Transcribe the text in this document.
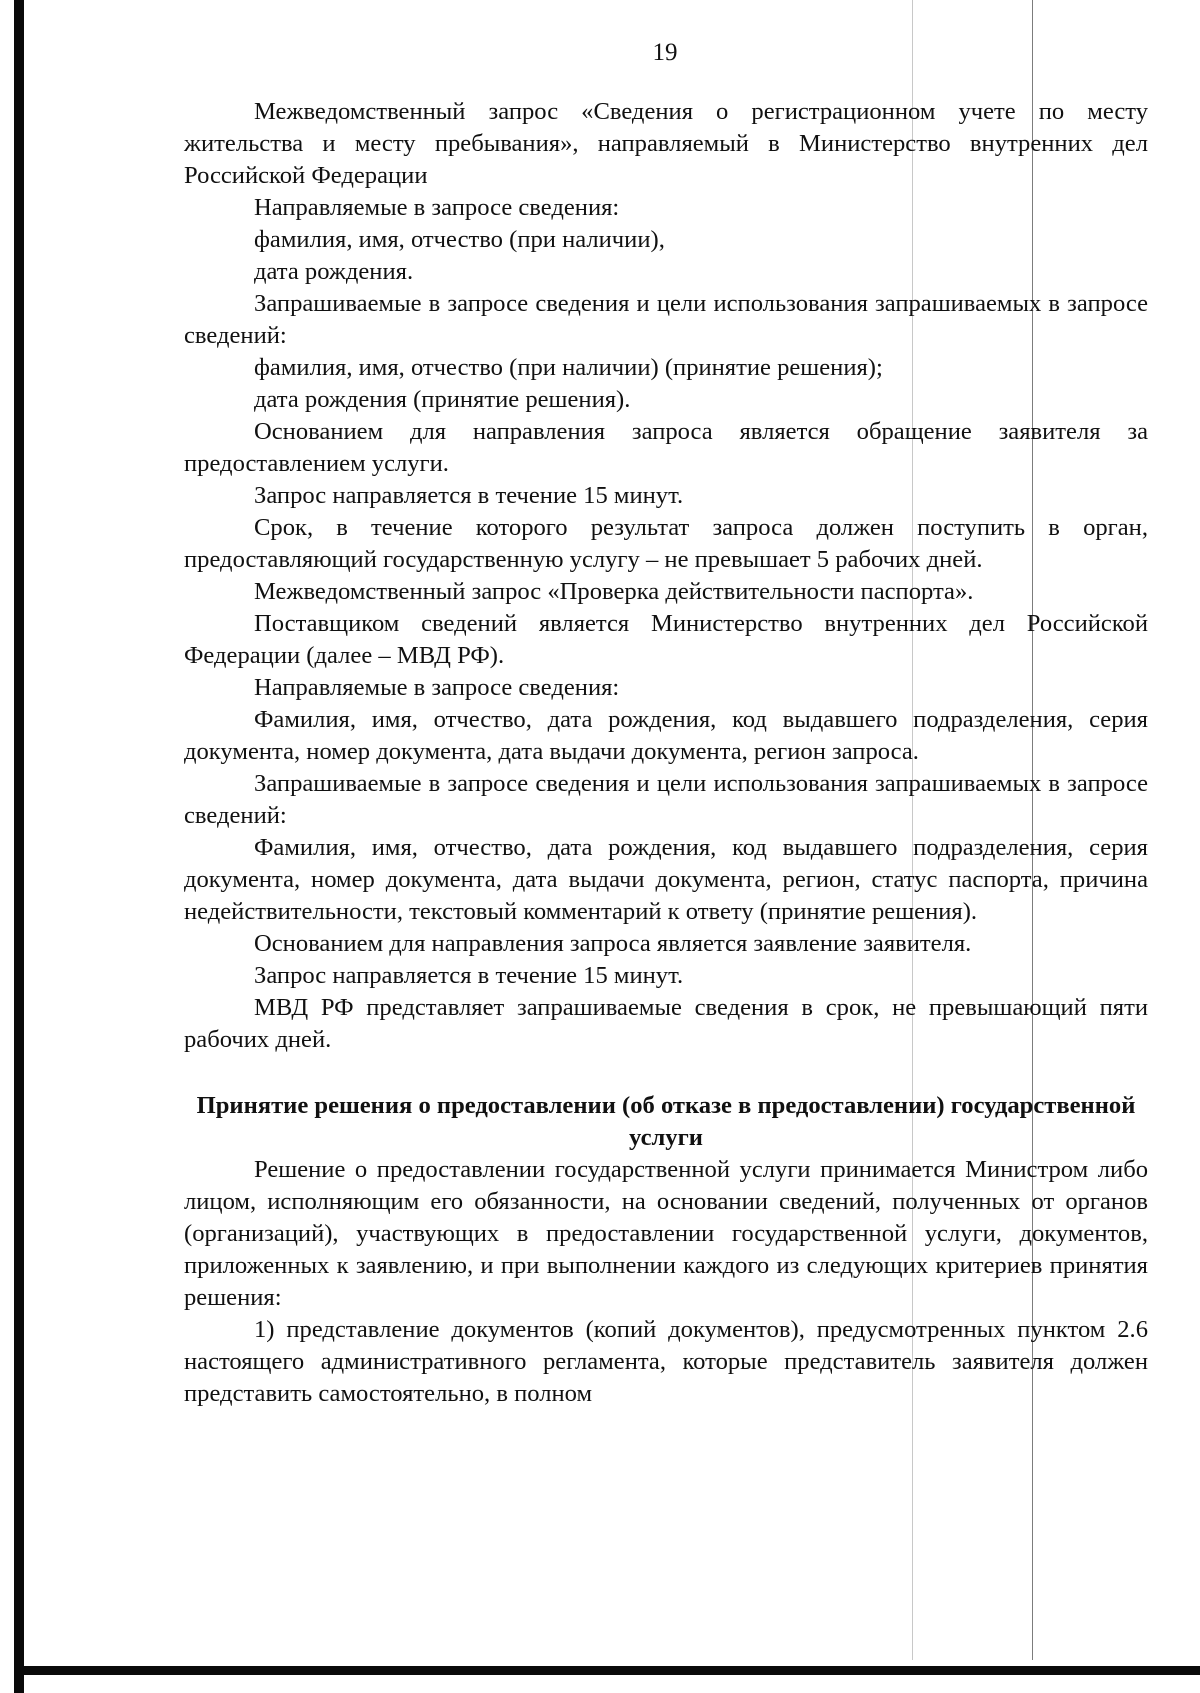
19

Межведомственный запрос «Сведения о регистрационном учете по месту жительства и месту пребывания», направляемый в Министерство внутренних дел Российской Федерации

Направляемые в запросе сведения:

фамилия, имя, отчество (при наличии),

дата рождения.

Запрашиваемые в запросе сведения и цели использования запрашиваемых в запросе сведений:

фамилия, имя, отчество (при наличии) (принятие решения);

дата рождения (принятие решения).

Основанием для направления запроса является обращение заявителя за предоставлением услуги.

Запрос направляется в течение 15 минут.

Срок, в течение которого результат запроса должен поступить в орган, предоставляющий государственную услугу – не превышает 5 рабочих дней.

Межведомственный запрос «Проверка действительности паспорта».

Поставщиком сведений является Министерство внутренних дел Российской Федерации (далее – МВД РФ).

Направляемые в запросе сведения:

Фамилия, имя, отчество, дата рождения, код выдавшего подразделения, серия документа, номер документа, дата выдачи документа, регион запроса.

Запрашиваемые в запросе сведения и цели использования запрашиваемых в запросе сведений:

Фамилия, имя, отчество, дата рождения, код выдавшего подразделения, серия документа, номер документа, дата выдачи документа, регион, статус паспорта, причина недействительности, текстовый комментарий к ответу (принятие решения).

Основанием для направления запроса является заявление заявителя.

Запрос направляется в течение 15 минут.

МВД РФ представляет запрашиваемые сведения в срок, не превышающий пяти рабочих дней.

Принятие решения о предоставлении (об отказе в предоставлении) государственной услуги

Решение о предоставлении государственной услуги принимается Министром либо лицом, исполняющим его обязанности, на основании сведений, полученных от органов (организаций), участвующих в предоставлении государственной услуги, документов, приложенных к заявлению, и при выполнении каждого из следующих критериев принятия решения:

1) представление документов (копий документов), предусмотренных пунктом 2.6 настоящего административного регламента, которые представитель заявителя должен представить самостоятельно, в полном
